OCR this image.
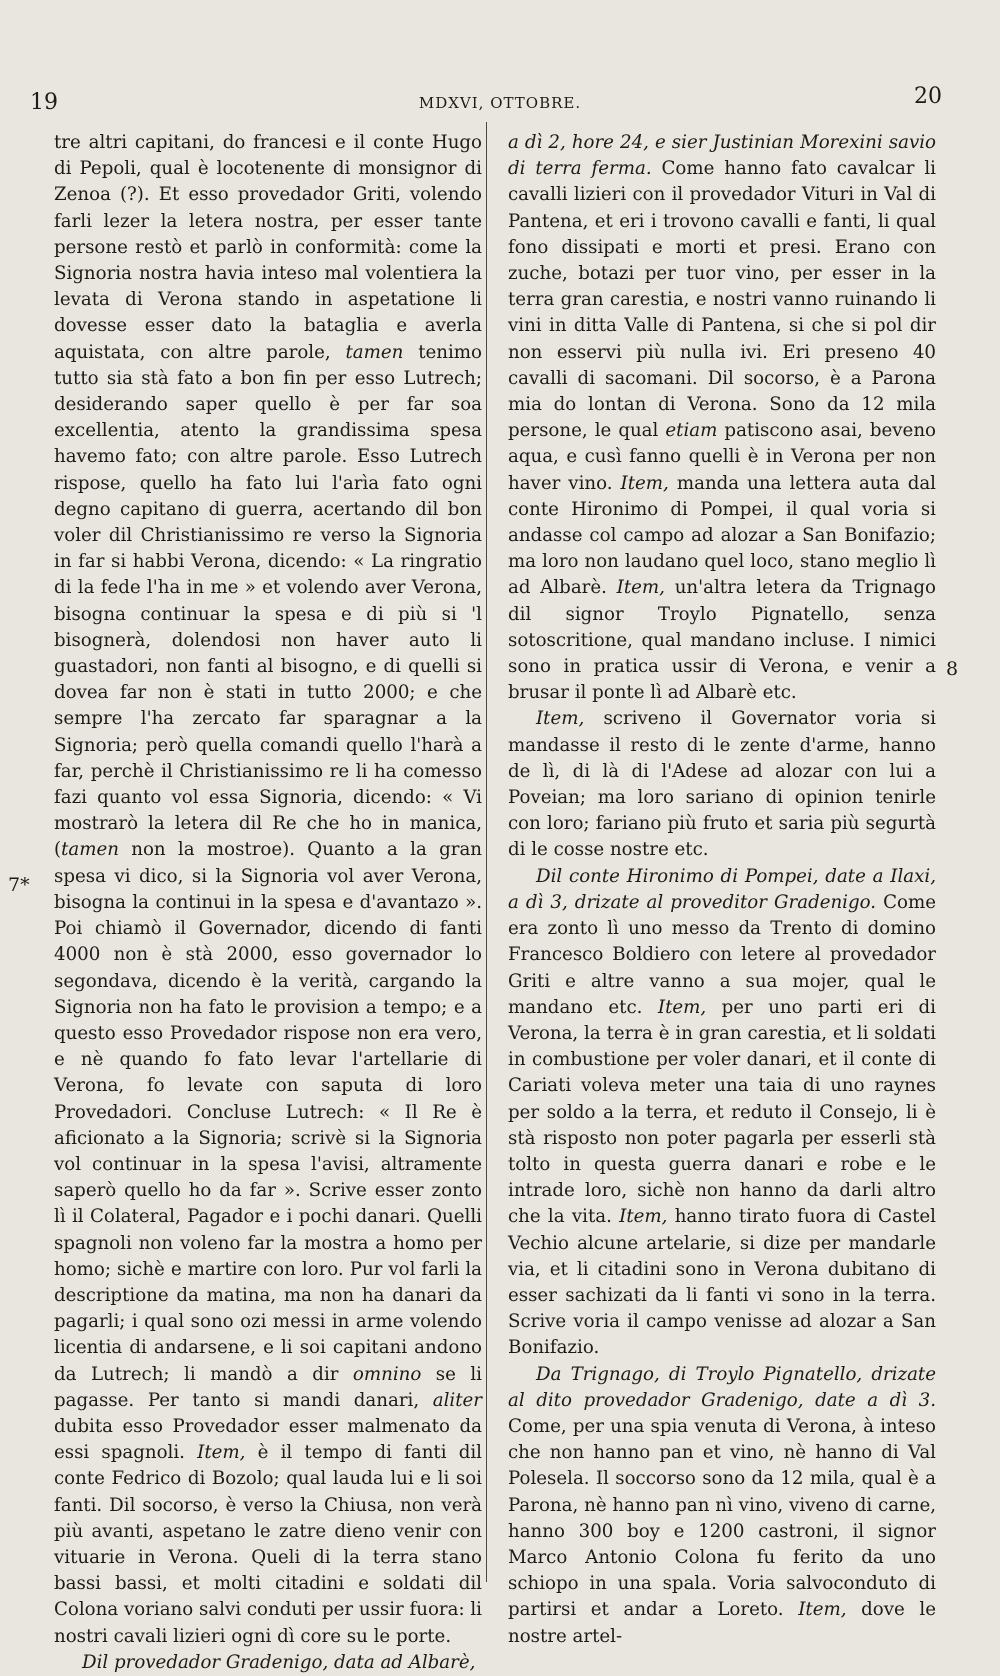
19	MDXVI, OTTOBRE.	20

tre altri capitani, do francesi e il conte Hugo di Pepoli, qual è locotenente di monsignor di Zenoa (?). Et esso provedador Griti, volendo farli lezer la letera nostra, per esser tante persone restò et parlò in conformità: come la Signoria nostra havia inteso mal volentiera la levata di Verona stando in aspetatione li dovesse esser dato la bataglia e averla aquistata, con altre parole, tamen tenimo tutto sia stà fato a bon fin per esso Lutrech; desiderando saper quello è per far soa excellentia, atento la grandissima spesa havemo fato; con altre parole. Esso Lutrech rispose, quello ha fato lui l'arìa fato ogni degno capitano di guerra, acertando dil bon voler dil Christianissimo re verso la Signoria in far si habbi Verona, dicendo: « La ringratio di la fede l'ha in me » et volendo aver Verona, bisogna continuar la spesa e di più si 'l bisognerà, dolendosi non haver auto li guastadori, non fanti al bisogno, e di quelli si dovea far non è stati in tutto 2000; e che sempre l'ha zercato far sparagnar a la Signoria; però quella comandi quello l'harà a far, perchè il Christianissimo re li ha comesso fazi quanto vol essa Signoria, dicendo: « Vi mostrarò la letera dil Re che ho in manica, (tamen non la mostroe). Quanto a la gran spesa vi dico, si la Signoria vol aver Verona, bisogna la continui in la spesa e d'avantazo ». Poi chiamò il Governador, dicendo di fanti 4000 non è stà 2000, esso governador lo segondava, dicendo è la verità, cargando la Signoria non ha fato le provision a tempo; e a questo esso Provedador rispose non era vero, e nè quando fo fato levar l'artellarie di Verona, fo levate con saputa di loro Provedadori. Concluse Lutrech: « Il Re è aficionato a la Signoria; scrivè si la Signoria vol continuar in la spesa l'avisi, altramente saperò quello ho da far ». Scrive esser zonto lì il Colateral, Pagador e i pochi danari. Quelli spagnoli non voleno far la mostra a homo per homo; sichè e martire con loro. Pur vol farli la descriptione da matina, ma non ha danari da pagarli; i qual sono ozi messi in arme volendo licentia di andarsene, e li soi capitani andono da Lutrech; li mandò a dir omnino se li pagasse. Per tanto si mandi danari, aliter dubita esso Provedador esser malmenato da essi spagnoli. Item, è il tempo di fanti dil conte Fedrico di Bozolo; qual lauda lui e li soi fanti. Dil socorso, è verso la Chiusa, non verà più avanti, aspetano le zatre dieno venir con vituarie in Verona. Queli di la terra stano bassi bassi, et molti citadini e soldati dil Colona voriano salvi conduti per ussir fuora: li nostri cavali lizieri ogni dì core su le porte.

Dil provedador Gradenigo, data ad Albarè,

a dì 2, hore 24, e sier Justinian Morexini savio di terra ferma. Come hanno fato cavalcar li cavalli lizieri con il provedador Vituri in Val di Pantena, et eri i trovono cavalli e fanti, li qual fono dissipati e morti et presi. Erano con zuche, botazi per tuor vino, per esser in la terra gran carestia, e nostri vanno ruinando li vini in ditta Valle di Pantena, si che si pol dir non esservi più nulla ivi. Eri preseno 40 cavalli di sacomani. Dil socorso, è a Parona mia do lontan di Verona. Sono da 12 mila persone, le qual etiam patiscono asai, beveno aqua, e cusì fanno quelli è in Verona per non haver vino. Item, manda una lettera auta dal conte Hironimo di Pompei, il qual voria si andasse col campo ad alozar a San Bonifazio; ma loro non laudano quel loco, stano meglio lì ad Albarè. Item, un'altra letera da Trignago dil signor Troylo Pignatello, senza sotoscritione, qual mandano incluse. I nimici sono in pratica ussir di Verona, e venir a brusar il ponte lì ad Albarè etc.

Item, scriveno il Governator voria si mandasse il resto di le zente d'arme, hanno de lì, di là di l'Adese ad alozar con lui a Poveian; ma loro sariano di opinion tenirle con loro; fariano più fruto et saria più segurtà di le cosse nostre etc.

Dil conte Hironimo di Pompei, date a Ilaxi, a dì 3, drizate al proveditor Gradenigo. Come era zonto lì uno messo da Trento di domino Francesco Boldiero con letere al provedador Griti e altre vanno a sua mojer, qual le mandano etc. Item, per uno parti eri di Verona, la terra è in gran carestia, et li soldati in combustione per voler danari, et il conte di Cariati voleva meter una taia di uno raynes per soldo a la terra, et reduto il Consejo, li è stà risposto non poter pagarla per esserli stà tolto in questa guerra danari e robe e le intrade loro, sichè non hanno da darli altro che la vita. Item, hanno tirato fuora di Castel Vechio alcune artelarie, si dize per mandarle via, et li citadini sono in Verona dubitano di esser sachizati da li fanti vi sono in la terra. Scrive voria il campo venisse ad alozar a San Bonifazio.

Da Trignago, di Troylo Pignatello, drizate al dito provedador Gradenigo, date a dì 3. Come, per una spia venuta di Verona, à inteso che non hanno pan et vino, nè hanno di Val Polesela. Il soccorso sono da 12 mila, qual è a Parona, nè hanno pan nì vino, viveno di carne, hanno 300 boy e 1200 castroni, il signor Marco Antonio Colona fu ferito da uno schiopo in una spala. Voria salvoconduto di partirsi et andar a Loreto. Item, dove le nostre artel-

7*
8
